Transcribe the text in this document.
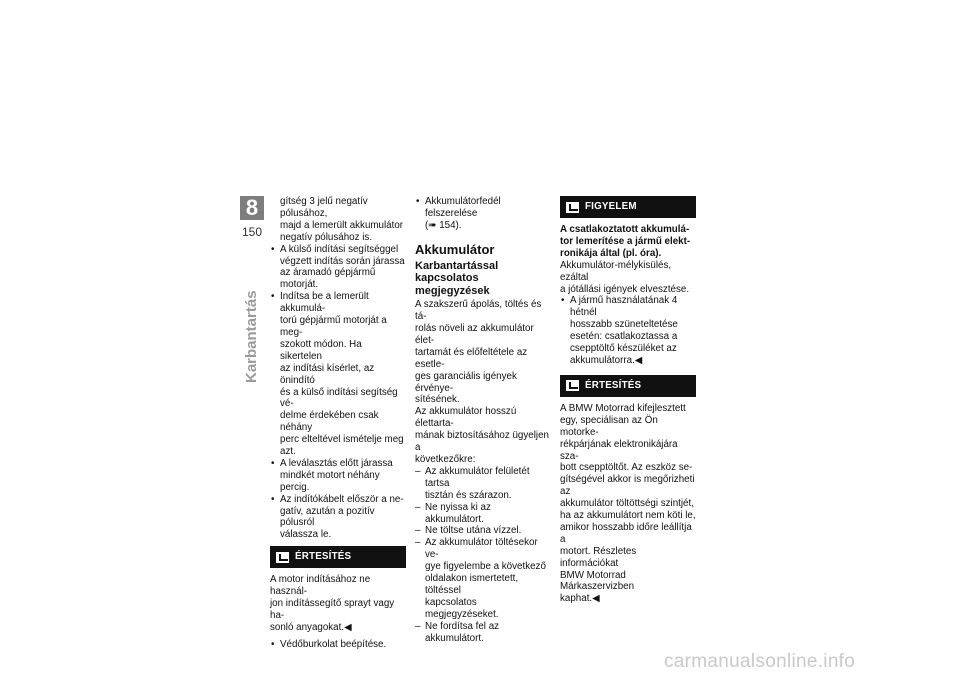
8
150
Karbantartás
gítség 3 jelű negatív pólusához,
majd a lemerült akkumulátor
negatív pólusához is.
• A külső indítási segítséggel
végzett indítás során járassa
az áramadó gépjármű motorját.
• Indítsa be a lemerült akkumulá-
torú gépjármű motorját a meg-
szokott módon. Ha sikertelen
az indítási kísérlet, az önindító
és a külső indítási segítség vé-
delme érdekében csak néhány
perc elteltével ismételje meg
azt.
• A leválasztás előtt járassa
mindkét motort néhány percig.
• Az indítókábelt először a ne-
gatív, azután a pozitív pólusról
válassza le.
ÉRTESÍTÉS
A motor indításához ne használ-
jon indítássegítő sprayt vagy ha-
sonló anyagokat.◀
• Védőburkolat beépítése.
• Akkumulátorfedél felszerelése
(➠ 154).
Akkumulátor
Karbantartással
kapcsolatos
megjegyzések
A szakszerű ápolás, töltés és tá-
rolás növeli az akkumulátor élet-
tartamát és előfeltétele az esetle-
ges garanciális igények érvénye-
sítésének.
Az akkumulátor hosszú élettarta-
mának biztosításához ügyeljen a
következőkre:
– Az akkumulátor felületét tartsa
tisztán és szárazon.
– Ne nyissa ki az akkumulátort.
– Ne töltse utána vízzel.
– Az akkumulátor töltésekor ve-
gye figyelembe a következő
oldalakon ismertetett, töltéssel
kapcsolatos megjegyzéseket.
– Ne fordítsa fel az akkumulátort.
FIGYELEM
A csatlakoztatott akkumulá-
tor lemerítése a jármű elekt-
ronikája által (pl. óra).
Akkumulátor-mélykisülés, ezáltal
a jótállási igények elvesztése.
• A jármű használatának 4 hétnél
hosszabb szüneteltetése
esetén: csatlakoztassa a
csepptöltő készüléket az
akkumulátorra.◀
ÉRTESÍTÉS
A BMW Motorrad kifejlesztett
egy, speciálisan az Ön motorke-
rékpárjának elektronikájára sza-
bott csepptöltőt. Az eszköz se-
gítségével akkor is megőrizheti az
akkumulátor töltöttségi szintjét,
ha az akkumulátort nem köti le,
amikor hosszabb időre leállítja a
motort. Részletes információkat
BMW Motorrad Márkaszervizben
kaphat.◀
carmanualsonline.info
